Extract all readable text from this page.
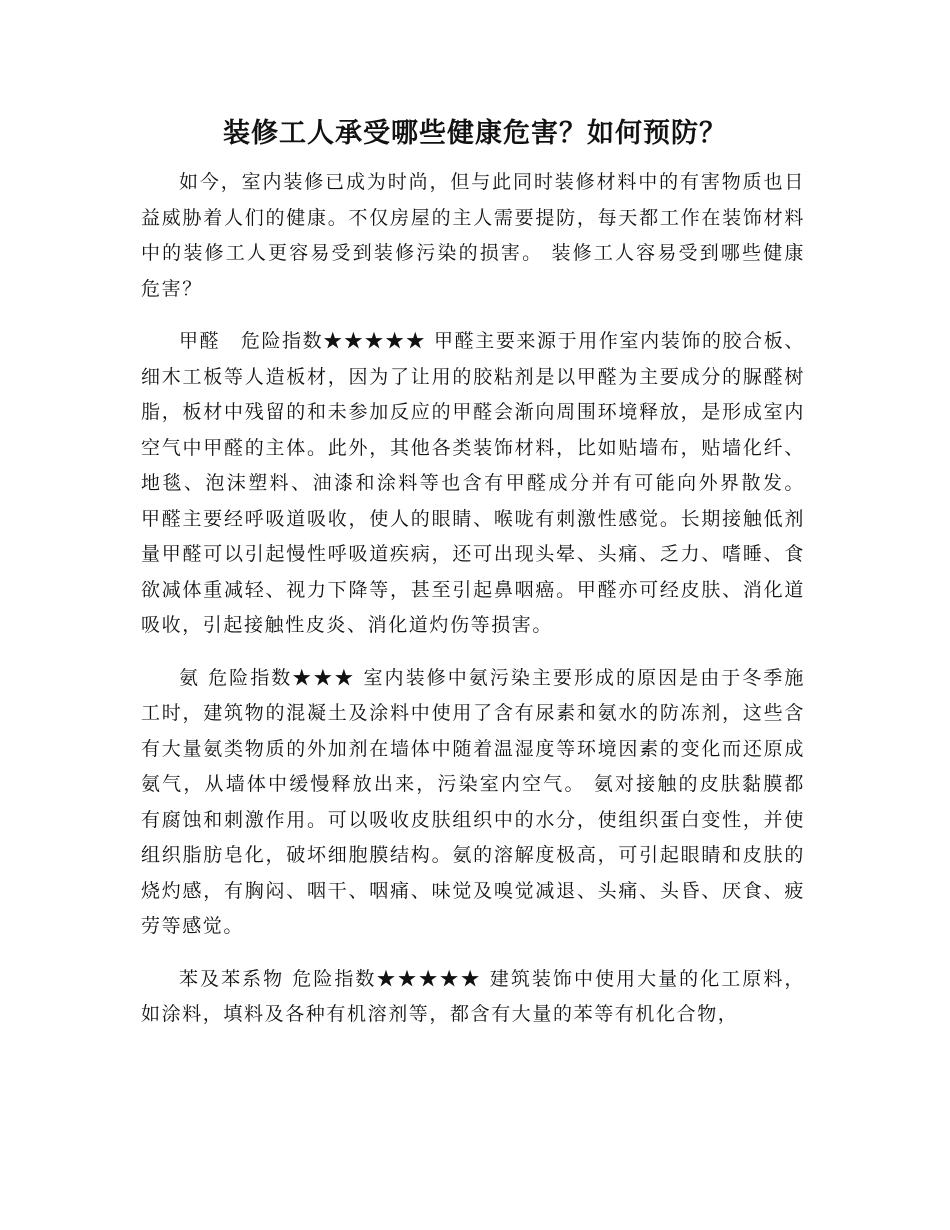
装修工人承受哪些健康危害？如何预防？

如今，室内装修已成为时尚，但与此同时装修材料中的有害物质也日益威胁着人们的健康。不仅房屋的主人需要提防，每天都工作在装饰材料中的装修工人更容易受到装修污染的损害。 装修工人容易受到哪些健康危害？

甲醛　危险指数★★★★★ 甲醛主要来源于用作室内装饰的胶合板、细木工板等人造板材，因为了让用的胶粘剂是以甲醛为主要成分的脲醛树脂，板材中残留的和未参加反应的甲醛会渐向周围环境释放，是形成室内空气中甲醛的主体。此外，其他各类装饰材料，比如贴墙布，贴墙化纤、地毯、泡沫塑料、油漆和涂料等也含有甲醛成分并有可能向外界散发。 甲醛主要经呼吸道吸收，使人的眼睛、喉咙有刺激性感觉。长期接触低剂量甲醛可以引起慢性呼吸道疾病，还可出现头晕、头痛、乏力、嗜睡、食欲减体重减轻、视力下降等，甚至引起鼻咽癌。甲醛亦可经皮肤、消化道吸收，引起接触性皮炎、消化道灼伤等损害。

氨 危险指数★★★ 室内装修中氨污染主要形成的原因是由于冬季施工时，建筑物的混凝土及涂料中使用了含有尿素和氨水的防冻剂，这些含有大量氨类物质的外加剂在墙体中随着温湿度等环境因素的变化而还原成氨气，从墙体中缓慢释放出来，污染室内空气。 氨对接触的皮肤黏膜都有腐蚀和刺激作用。可以吸收皮肤组织中的水分，使组织蛋白变性，并使组织脂肪皂化，破坏细胞膜结构。氨的溶解度极高，可引起眼睛和皮肤的烧灼感，有胸闷、咽干、咽痛、味觉及嗅觉减退、头痛、头昏、厌食、疲劳等感觉。

苯及苯系物 危险指数★★★★★ 建筑装饰中使用大量的化工原料，如涂料，填料及各种有机溶剂等，都含有大量的苯等有机化合物，
